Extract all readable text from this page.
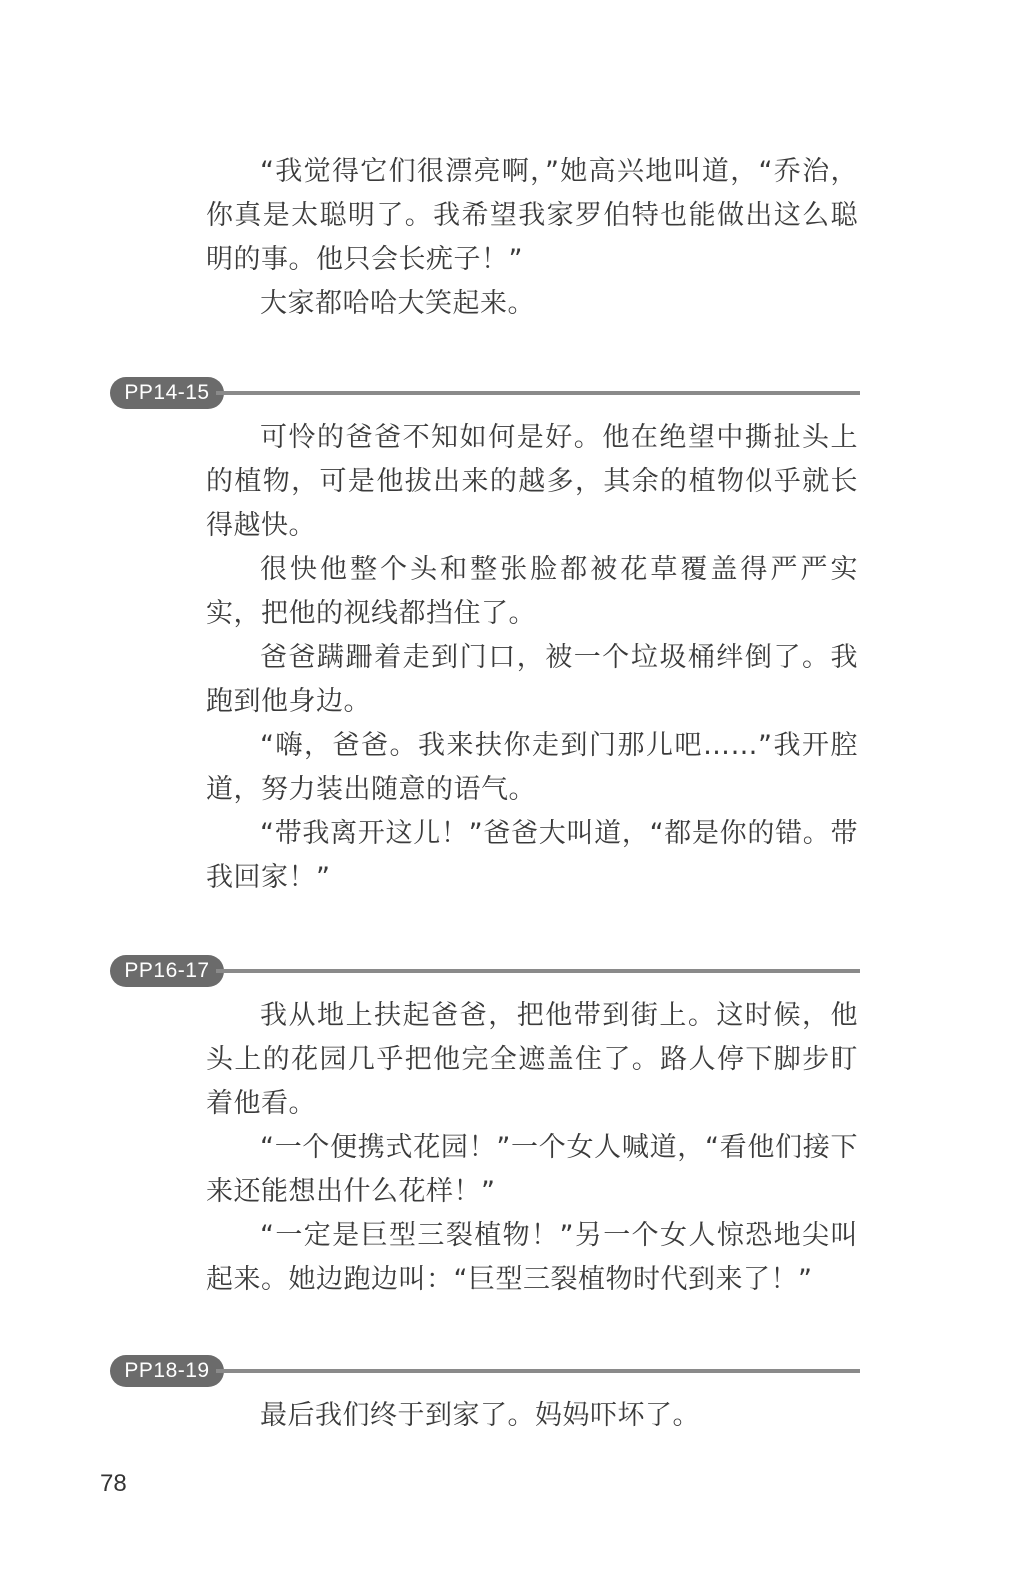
“我觉得它们很漂亮啊，”她高兴地叫道，“乔治，你真是太聪明了。我希望我家罗伯特也能做出这么聪明的事。他只会长疣子！”

大家都哈哈大笑起来。

PP14-15

可怜的爸爸不知如何是好。他在绝望中撕扯头上的植物，可是他拔出来的越多，其余的植物似乎就长得越快。

很快他整个头和整张脸都被花草覆盖得严严实实，把他的视线都挡住了。

爸爸蹒跚着走到门口，被一个垃圾桶绊倒了。我跑到他身边。

“嗨，爸爸。我来扶你走到门那儿吧……”我开腔道，努力装出随意的语气。

“带我离开这儿！”爸爸大叫道，“都是你的错。带我回家！”

PP16-17

我从地上扶起爸爸，把他带到街上。这时候，他头上的花园几乎把他完全遮盖住了。路人停下脚步盯着他看。

“一个便携式花园！”一个女人喊道，“看他们接下来还能想出什么花样！”

“一定是巨型三裂植物！”另一个女人惊恐地尖叫起来。她边跑边叫：“巨型三裂植物时代到来了！”

PP18-19

最后我们终于到家了。妈妈吓坏了。

78
